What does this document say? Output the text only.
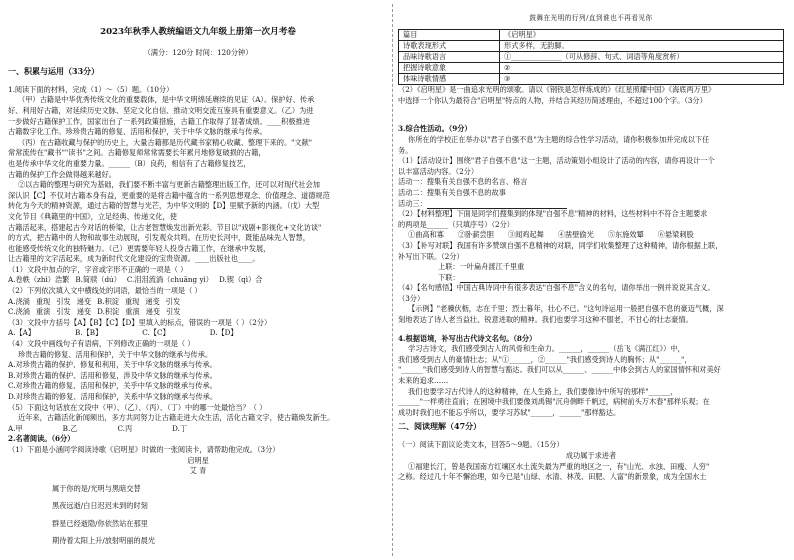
2023年秋季人教统编语文九年级上册第一次月考卷

（满分：120分 时间：120分钟）

一、积累与运用（33分）

1.阅读下面的材料，完成（1）～（5）题。（10分）

（甲）古籍是中华优秀传统文化的重要载体，是中华文明绵延赓续的见证（A）。保护好、传承

好、利用好古籍，对延续历史文脉、坚定文化自信、推动文明交流互鉴具有重要意义。（乙）为进

一步做好古籍保护工作，国家出台了一系列政策措施，古籍工作取得了显著成绩。____积极推进

古籍数字化工作。珍珍贵古籍的修复、活用和保护，关于中华文脉的继承与传承。

（丙）在古籍收藏与保护的历史上，大量古籍都是历代藏书家精心收藏、整理下来的。"文献"

常常流传在"藏书""读书"之间。古籍修复师常常需要长年累月地修复破损的古籍，

也是传承中华文化的重要力量。______（B）良药，相信有了古籍修复技艺，

古籍的保护工作会做得越来越好。

②以古籍的整理与研究为基础，我们要不断丰富与更新古籍整理出版工作，还可以对现代社会加

深认识【C】不仅对古籍本身有益，更重要的是将古籍中蕴含的一系列思想观念、价值理念、道德规范

转化为今天的精神资源，通过古籍的智慧与光芒，为中华文明的【D】里赋予新的内涵。（戊）大型

文化节目《典籍里的中国》，立足经典、传递文化，使

古籍活起来，搭建起古今对话的桥梁，让古老智慧焕发出新光彩。节目以"戏剧+影视化+文化访谈"

的方式，把古籍中的人物和故事生动展现，引发观众共鸣。在历史长河中，既能品味先人智慧，

也能感受传统文化的独特魅力。（己）更需要年轻人投身古籍工作，在继承中发展，

让古籍里的文字活起来，成为新时代文化建设的宝贵资源。____出版社也____。

（1）文段中加点的字，字音或字形不正确的一项是（ ）

A.卷帙（zhì）浩繁 B.简牍（dú） C.泪泪流淌（chuāng yì） D.锲（qì）合

（2）下列依次填入文中横线处的词语，最恰当的一项是（ ）

A.浇淌 重现 引发 递变 B.积淀 重现 递变 引发
C.浇淌 重演 引发 递变 D.积淀 重演 递变 引发

（3）文段中方括号【A】【B】【C】【D】里填入的标点，错误的一项是（ ）（2分）

A.【A】	B.【B】	C.【C】	D.【D】

（4）文段中画线句子有语病，下列修改正确的一项是（ ）

珍贵古籍的修复、活用和保护，关于中华文脉的继承与传承。

A.对珍贵古籍的保护、修复和利用，关于中华文脉的继承与传承。

B.对珍贵古籍的保护、活用和修复，涉及中华文脉的继承与传承。

C.对珍贵古籍的修复、活用和保护，关乎中华文脉的继承与传承。

D.对珍贵古籍的修复、活用和保护，关系中华文脉的继承与传承。

（5）下面这句话放在文段中（甲）、（乙）、（丙）、（丁）中的哪一处最恰当？（ ）

近年来，古籍活化新闻频出，多方共同努力让古籍走进大众生活，活化古籍文字，使古籍焕发新生。

A.甲	B.乙	C.丙	D.丁

2.名著阅读。（6分）

（1）下面是小涵同学阅读诗歌《启明星》时做的一张阅读卡，请帮助他完成。（3分）

启明星

艾 青

属于你的是/光明与黑暗交替

黑夜远逝/白日迟迟未到的时刻

群星已经逝隐/你依然站在那里

期待着太阳上升/放射明丽的晨光

鼓舞在光明的行列/直到谁也不再看见你

篇目	《启明星》
诗歌表现形式	形式多样，无韵脚。
品味诗歌语言	①______________（可从修辞、句式、词语等角度赏析）
把握诗歌意象	②
体味诗歌情感	③

（2）《启明星》是一曲追求光明的颂歌。请以《钢铁是怎样炼成的》《红星照耀中国》《海底两万里》

中选择一个你认为最符合"启明星"特点的人物，并结合其经历简述理由，不超过100个字。（3分）

3.综合性活动。（9分）

你所在的学校正在举办以"君子自强不息"为主题的综合性学习活动，请你积极参加并完成以下任

务。

（1）【活动设计】围绕"君子自强不息"这一主题，活动策划小组设计了活动的内容，请你再设计一个

以丰富活动内容。（2分）

活动一：搜集有关自强不息的名言、格言

活动二：搜集有关自强不息的故事

活动三：

（2）【材料整理】下面是同学们搜集到的体现"自强不息"精神的材料，这些材料中不符合主题要求

的两项是______（只填序号）（2分）

①曲高和寡 ②卧薪尝胆 ③闻鸡起舞 ④凿壁偷光 ⑤东施效颦 ⑥悬梁刺股

（3）【补写对联】我国有许多赞颂自强不息精神的对联，同学们收集整理了这种精神，请你根据上联，

补写出下联。（2分）

上联：一叶扁舟渡江千里重

下联：

（4）【名句感悟】中国古典诗词中有很多表达"自强不息"含义的名句，请你举出一例并说说其含义。

（3分）

【示例】"老骥伏枥，志在千里；烈士暮年，壮心不已。"这句诗运用一般把自强不息的豪迈气概，深

刻地表达了诗人老当益壮、锐意进取的精神。我们也要学习这种不服老，不甘心的壮志豪情。

4.根据语境，补写出古代诗文名句。（8分）

学习古诗文，我们感受到古人的风骨和生命力。______，______（岳飞《满江红》）中，

我们感受到古人的豪情壮志；从"①______，②______"我们感受到诗人的胸怀；从"______"，

"______"我们感受到诗人的智慧与豁达。我们可以从______、______中体会到古人的家国情怀和对美好

未来的追求……

我们也要学习古代诗人的这种精神，在人生路上，我们要像诗中所写的那样"______，

______"一样勇往直前；在困境中我们要像刘禹锡"沉舟侧畔千帆过，病树前头万木春"那样乐观；在

成功时我们也不能忘乎所以，要学习苏轼"______，______"那样豁达。

二、阅读理解（47分）

（一）阅读下面议论类文本，回答5～9题。（15分）

成功属于求进者

①福建长汀，曾是我国南方红壤区水土流失最为严重的地区之一，有"山光、水浊、田瘦、人穷"

之称。经过几十年不懈治理，如今已是"山绿、水清、林茂、田肥、人富"的新景象，成为全国水土
